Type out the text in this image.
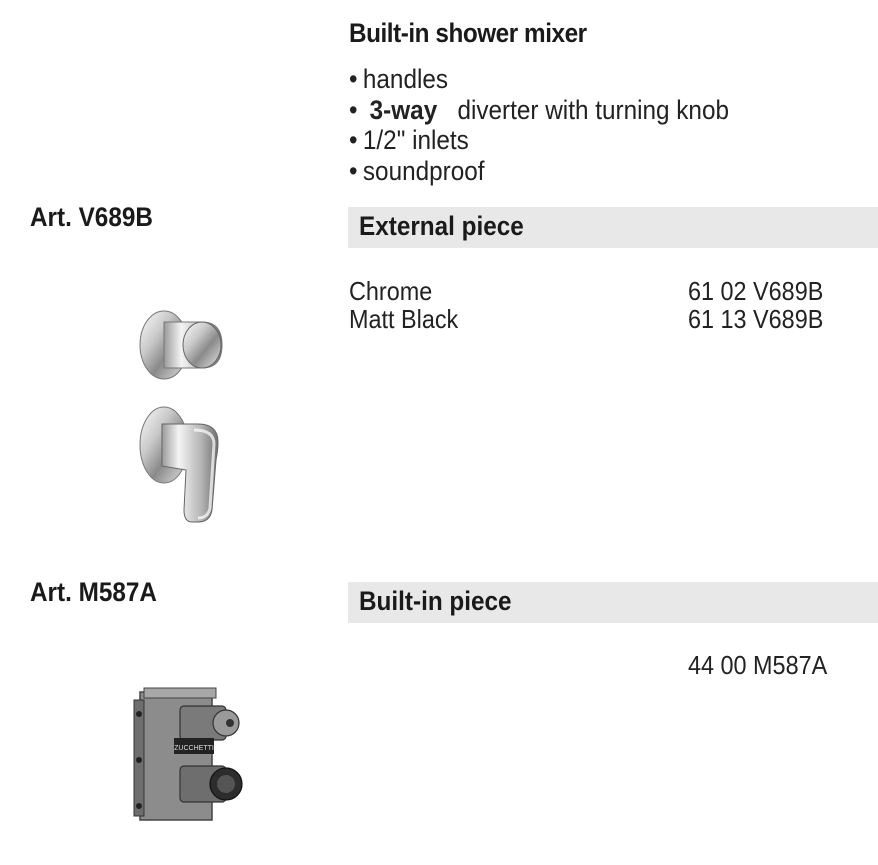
Built-in shower mixer
• handles
• 3-way diverter with turning knob
• 1/2" inlets
• soundproof
Art. V689B	External piece
Chrome	61 02 V689B
Matt Black	61 13 V689B
Art. M587A	Built-in piece
44 00 M587A
ZUCCHETTI
